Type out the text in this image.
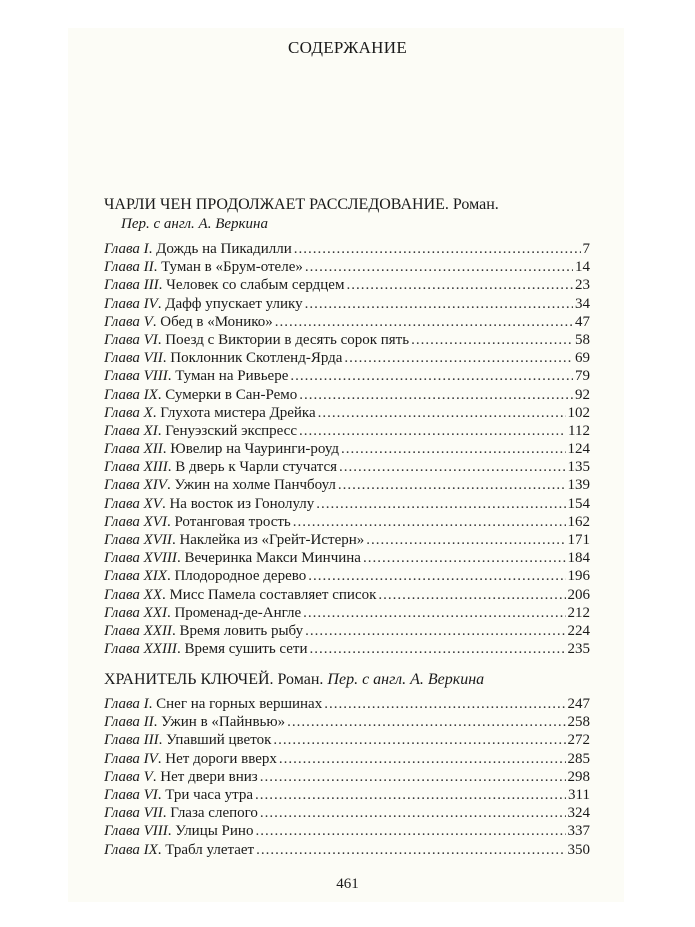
СОДЕРЖАНИЕ
ЧАРЛИ ЧЕН ПРОДОЛЖАЕТ РАССЛЕДОВАНИЕ. Роман.
Пер. с англ. А. Веркина
Глава I . Дождь на Пикадилли .....	7
Глава II . Туман в «Брум-отеле» .....	14
Глава III . Человек со слабым сердцем .....	23
Глава IV . Дафф упускает улику .....	34
Глава V . Обед в «Монико» .....	47
Глава VI . Поезд с Виктории в десять сорок пять .....	58
Глава VII . Поклонник Скотленд-Ярда .....	69
Глава VIII . Туман на Ривьере .....	79
Глава IX . Сумерки в Сан-Ремо .....	92
Глава X . Глухота мистера Дрейка .....	102
Глава XI . Генуэзский экспресс .....	112
Глава XII . Ювелир на Чауринги-роуд .....	124
Глава XIII . В дверь к Чарли стучатся .....	135
Глава XIV . Ужин на холме Панчбоул .....	139
Глава XV . На восток из Гонолулу .....	154
Глава XVI . Ротанговая трость .....	162
Глава XVII . Наклейка из «Грейт-Истерн» .....	171
Глава XVIII . Вечеринка Макси Минчина .....	184
Глава XIX . Плодородное дерево .....	196
Глава XX . Мисс Памела составляет список .....	206
Глава XXI . Променад-де-Англе .....	212
Глава XXII . Время ловить рыбу .....	224
Глава XXIII . Время сушить сети .....	235
ХРАНИТЕЛЬ КЛЮЧЕЙ. Роман. Пер. с англ. А. Веркина
Глава I . Снег на горных вершинах .....	247
Глава II . Ужин в «Пайнвью» .....	258
Глава III . Упавший цветок .....	272
Глава IV . Нет дороги вверх .....	285
Глава V . Нет двери вниз .....	298
Глава VI . Три часа утра .....	311
Глава VII . Глаза слепого .....	324
Глава VIII . Улицы Рино .....	337
Глава IX . Трабл улетает .....	350
461
